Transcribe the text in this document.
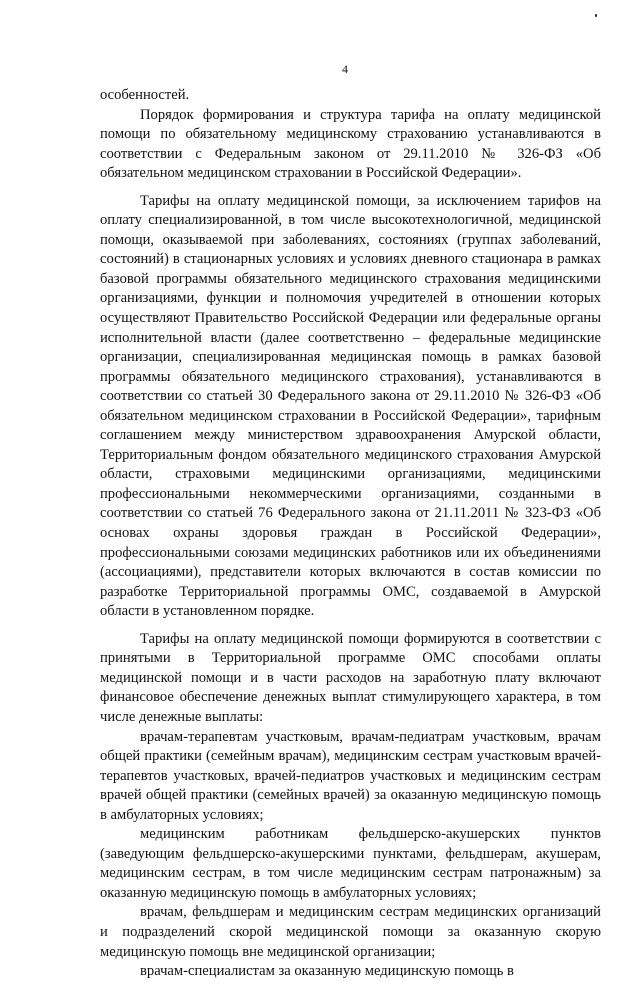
4

особенностей.

Порядок формирования и структура тарифа на оплату медицинской помощи по обязательному медицинскому страхованию устанавливаются в соответствии с Федеральным законом от 29.11.2010 № 326-ФЗ «Об обязательном медицинском страховании в Российской Федерации».

Тарифы на оплату медицинской помощи, за исключением тарифов на оплату специализированной, в том числе высокотехнологичной, медицинской помощи, оказываемой при заболеваниях, состояниях (группах заболеваний, состояний) в стационарных условиях и условиях дневного стационара в рамках базовой программы обязательного медицинского страхования медицинскими организациями, функции и полномочия учредителей в отношении которых осуществляют Правительство Российской Федерации или федеральные органы исполнительной власти (далее соответственно – федеральные медицинские организации, специализированная медицинская помощь в рамках базовой программы обязательного медицинского страхования), устанавливаются в соответствии со статьей 30 Федерального закона от 29.11.2010 № 326-ФЗ «Об обязательном медицинском страховании в Российской Федерации», тарифным соглашением между министерством здравоохранения Амурской области, Территориальным фондом обязательного медицинского страхования Амурской области, страховыми медицинскими организациями, медицинскими профессиональными некоммерческими организациями, созданными в соответствии со статьей 76 Федерального закона от 21.11.2011 № 323-ФЗ «Об основах охраны здоровья граждан в Российской Федерации», профессиональными союзами медицинских работников или их объединениями (ассоциациями), представители которых включаются в состав комиссии по разработке Территориальной программы ОМС, создаваемой в Амурской области в установленном порядке.

Тарифы на оплату медицинской помощи формируются в соответствии с принятыми в Территориальной программе ОМС способами оплаты медицинской помощи и в части расходов на заработную плату включают финансовое обеспечение денежных выплат стимулирующего характера, в том числе денежные выплаты:

врачам-терапевтам участковым, врачам-педиатрам участковым, врачам общей практики (семейным врачам), медицинским сестрам участковым врачей-терапевтов участковых, врачей-педиатров участковых и медицинским сестрам врачей общей практики (семейных врачей) за оказанную медицинскую помощь в амбулаторных условиях;

медицинским работникам фельдшерско-акушерских пунктов (заведующим фельдшерско-акушерскими пунктами, фельдшерам, акушерам, медицинским сестрам, в том числе медицинским сестрам патронажным) за оказанную медицинскую помощь в амбулаторных условиях;

врачам, фельдшерам и медицинским сестрам медицинских организаций и подразделений скорой медицинской помощи за оказанную скорую медицинскую помощь вне медицинской организации;

врачам-специалистам за оказанную медицинскую помощь в
